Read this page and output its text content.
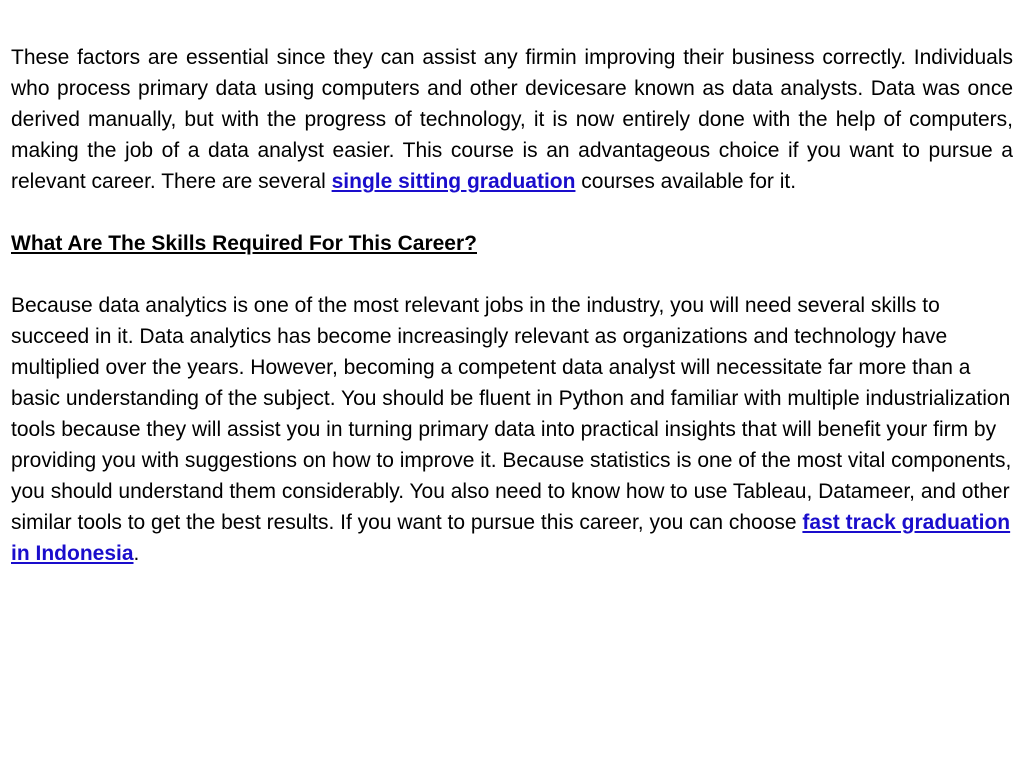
These factors are essential since they can assist any firmin improving their business correctly. Individuals who process primary data using computers and other devicesare known as data analysts. Data was once derived manually, but with the progress of technology, it is now entirely done with the help of computers, making the job of a data analyst easier. This course is an advantageous choice if you want to pursue a relevant career. There are several single sitting graduation courses available for it.

What Are The Skills Required For This Career?

Because data analytics is one of the most relevant jobs in the industry, you will need several skills to succeed in it. Data analytics has become increasingly relevant as organizations and technology have multiplied over the years. However, becoming a competent data analyst will necessitate far more than a basic understanding of the subject. You should be fluent in Python and familiar with multiple industrialization tools because they will assist you in turning primary data into practical insights that will benefit your firm by providing you with suggestions on how to improve it. Because statistics is one of the most vital components, you should understand them considerably. You also need to know how to use Tableau, Datameer, and other similar tools to get the best results. If you want to pursue this career, you can choose fast track graduation in Indonesia.
